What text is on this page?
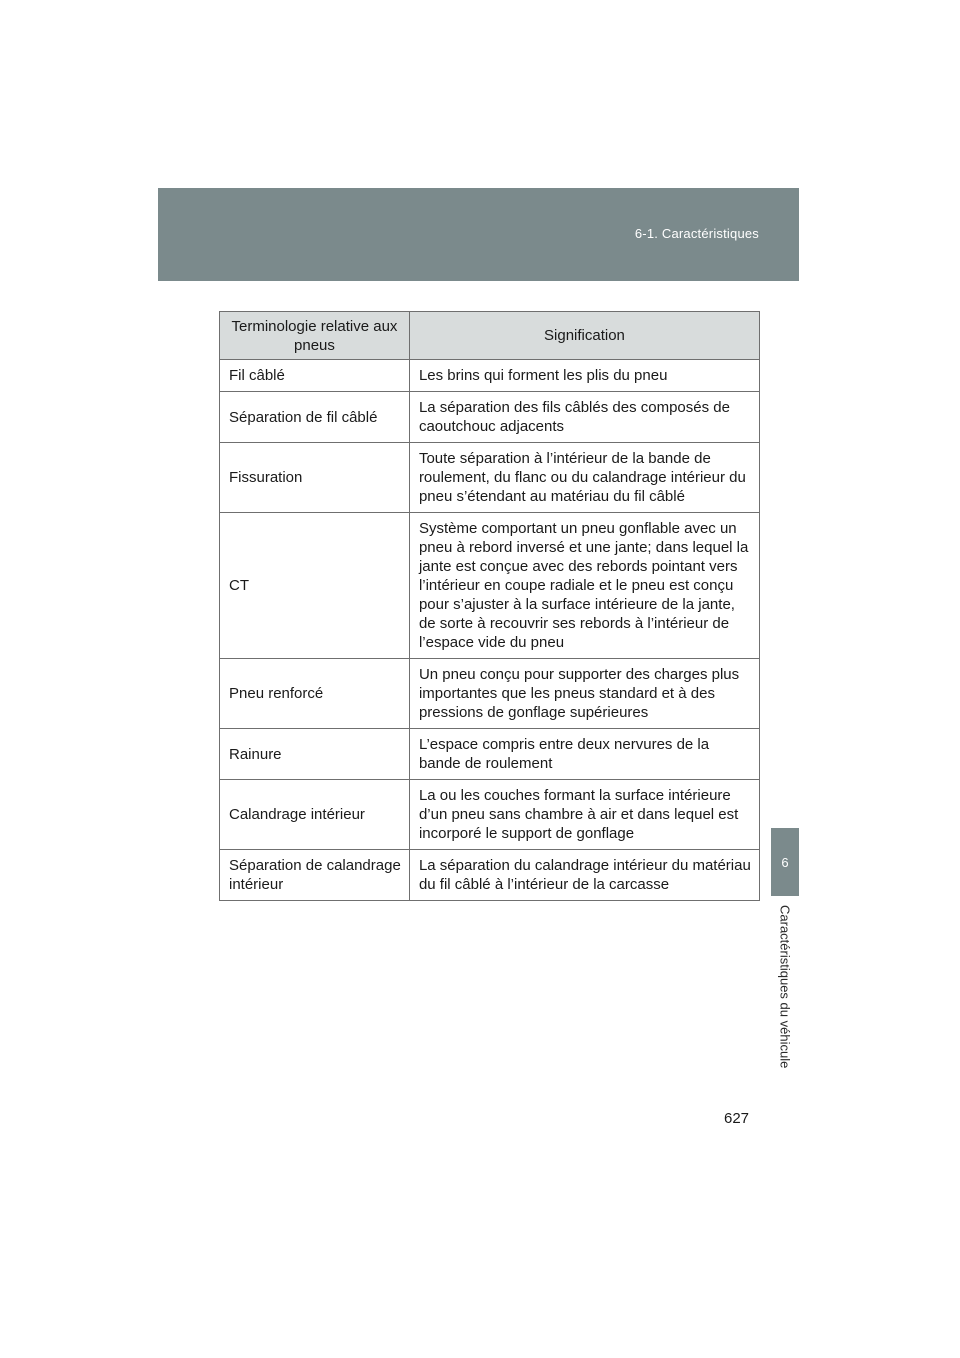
6-1. Caractéristiques
6
Caractéristiques du véhicule
Terminologie relative aux pneus	Signification
Fil câblé	Les brins qui forment les plis du pneu
Séparation de fil câblé	La séparation des fils câblés des composés de caoutchouc adjacents
Fissuration	Toute séparation à l’intérieur de la bande de roulement, du flanc ou du calandrage intérieur du pneu s’étendant au matériau du fil câblé
CT	Système comportant un pneu gonflable avec un pneu à rebord inversé et une jante; dans lequel la jante est conçue avec des rebords pointant vers l’intérieur en coupe radiale et le pneu est conçu pour s’ajuster à la surface intérieure de la jante, de sorte à recouvrir ses rebords à l’intérieur de l’espace vide du pneu
Pneu renforcé	Un pneu conçu pour supporter des charges plus importantes que les pneus standard et à des pressions de gonflage supérieures
Rainure	L’espace compris entre deux nervures de la bande de roulement
Calandrage intérieur	La ou les couches formant la surface intérieure d’un pneu sans chambre à air et dans lequel est incorporé le support de gonflage
Séparation de calandrage intérieur	La séparation du calandrage intérieur du matériau du fil câblé à l’intérieur de la carcasse
627
